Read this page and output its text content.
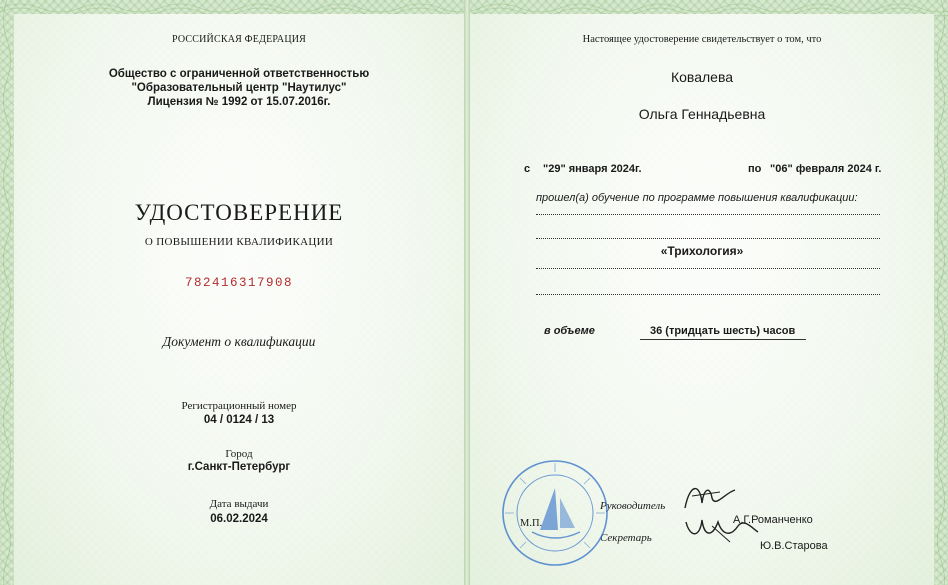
РОССИЙСКАЯ ФЕДЕРАЦИЯ
Общество с ограниченной ответственностью
"Образовательный центр "Наутилус"
Лицензия № 1992 от 15.07.2016г.
УДОСТОВЕРЕНИЕ
О ПОВЫШЕНИИ КВАЛИФИКАЦИИ
782416317908
Документ о квалификации
Регистрационный номер
04 / 0124 / 13
Город
г.Санкт-Петербург
Дата выдачи
06.02.2024
Настоящее удостоверение свидетельствует о том, что
Ковалева
Ольга Геннадьевна
с "29" января 2024г.	по "06" февраля 2024 г.
прошел(а) обучение по программе повышения квалификации:
«Трихология»
в объеме	36 (тридцать шесть) часов
М.П.
Руководитель
Секретарь
А.Г.Романченко
Ю.В.Старова
